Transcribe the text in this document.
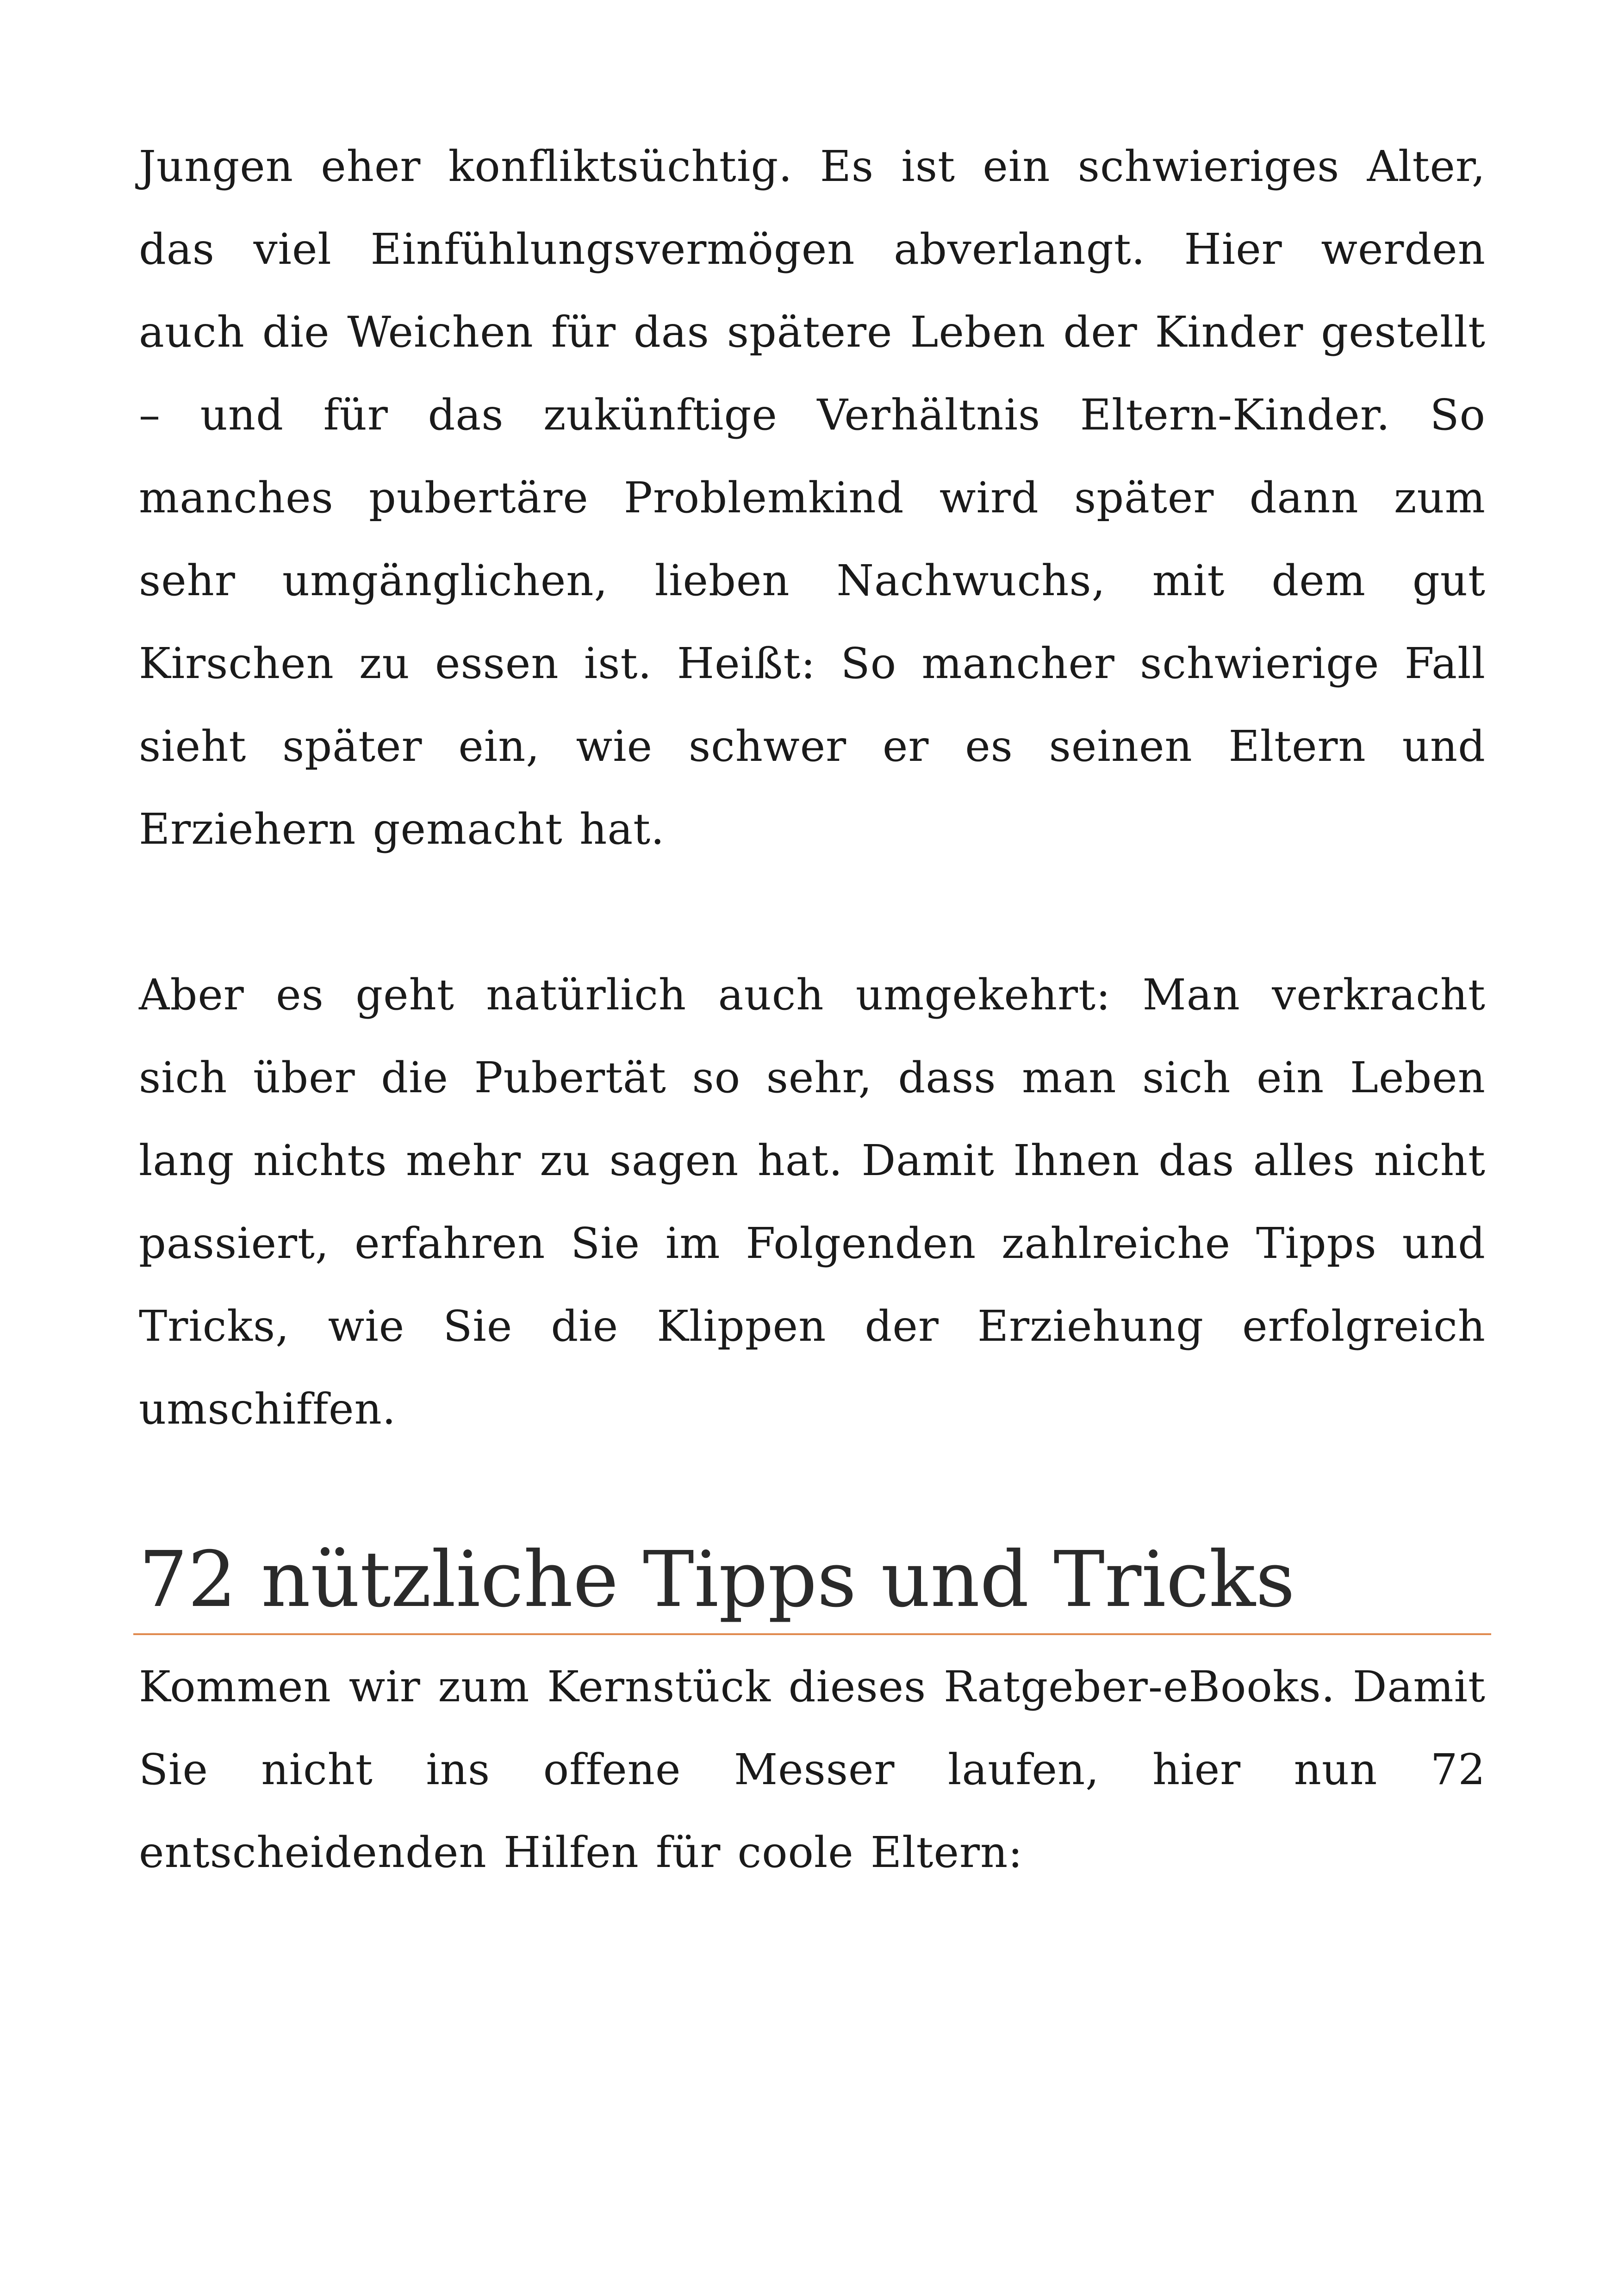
Jungen eher konfliktsüchtig. Es ist ein schwieriges Alter, das viel Einfühlungsvermögen abverlangt. Hier werden auch die Weichen für das spätere Leben der Kinder gestellt – und für das zukünftige Verhältnis Eltern-Kinder. So manches pubertäre Problemkind wird später dann zum sehr umgänglichen, lieben Nachwuchs, mit dem gut Kirschen zu essen ist. Heißt: So mancher schwierige Fall sieht später ein, wie schwer er es seinen Eltern und Erziehern gemacht hat.

Aber es geht natürlich auch umgekehrt: Man verkracht sich über die Pubertät so sehr, dass man sich ein Leben lang nichts mehr zu sagen hat. Damit Ihnen das alles nicht passiert, erfahren Sie im Folgenden zahlreiche Tipps und Tricks, wie Sie die Klippen der Erziehung erfolgreich umschiffen.

72 nützliche Tipps und Tricks

Kommen wir zum Kernstück dieses Ratgeber-eBooks. Damit Sie nicht ins offene Messer laufen, hier nun 72 entscheidenden Hilfen für coole Eltern:
